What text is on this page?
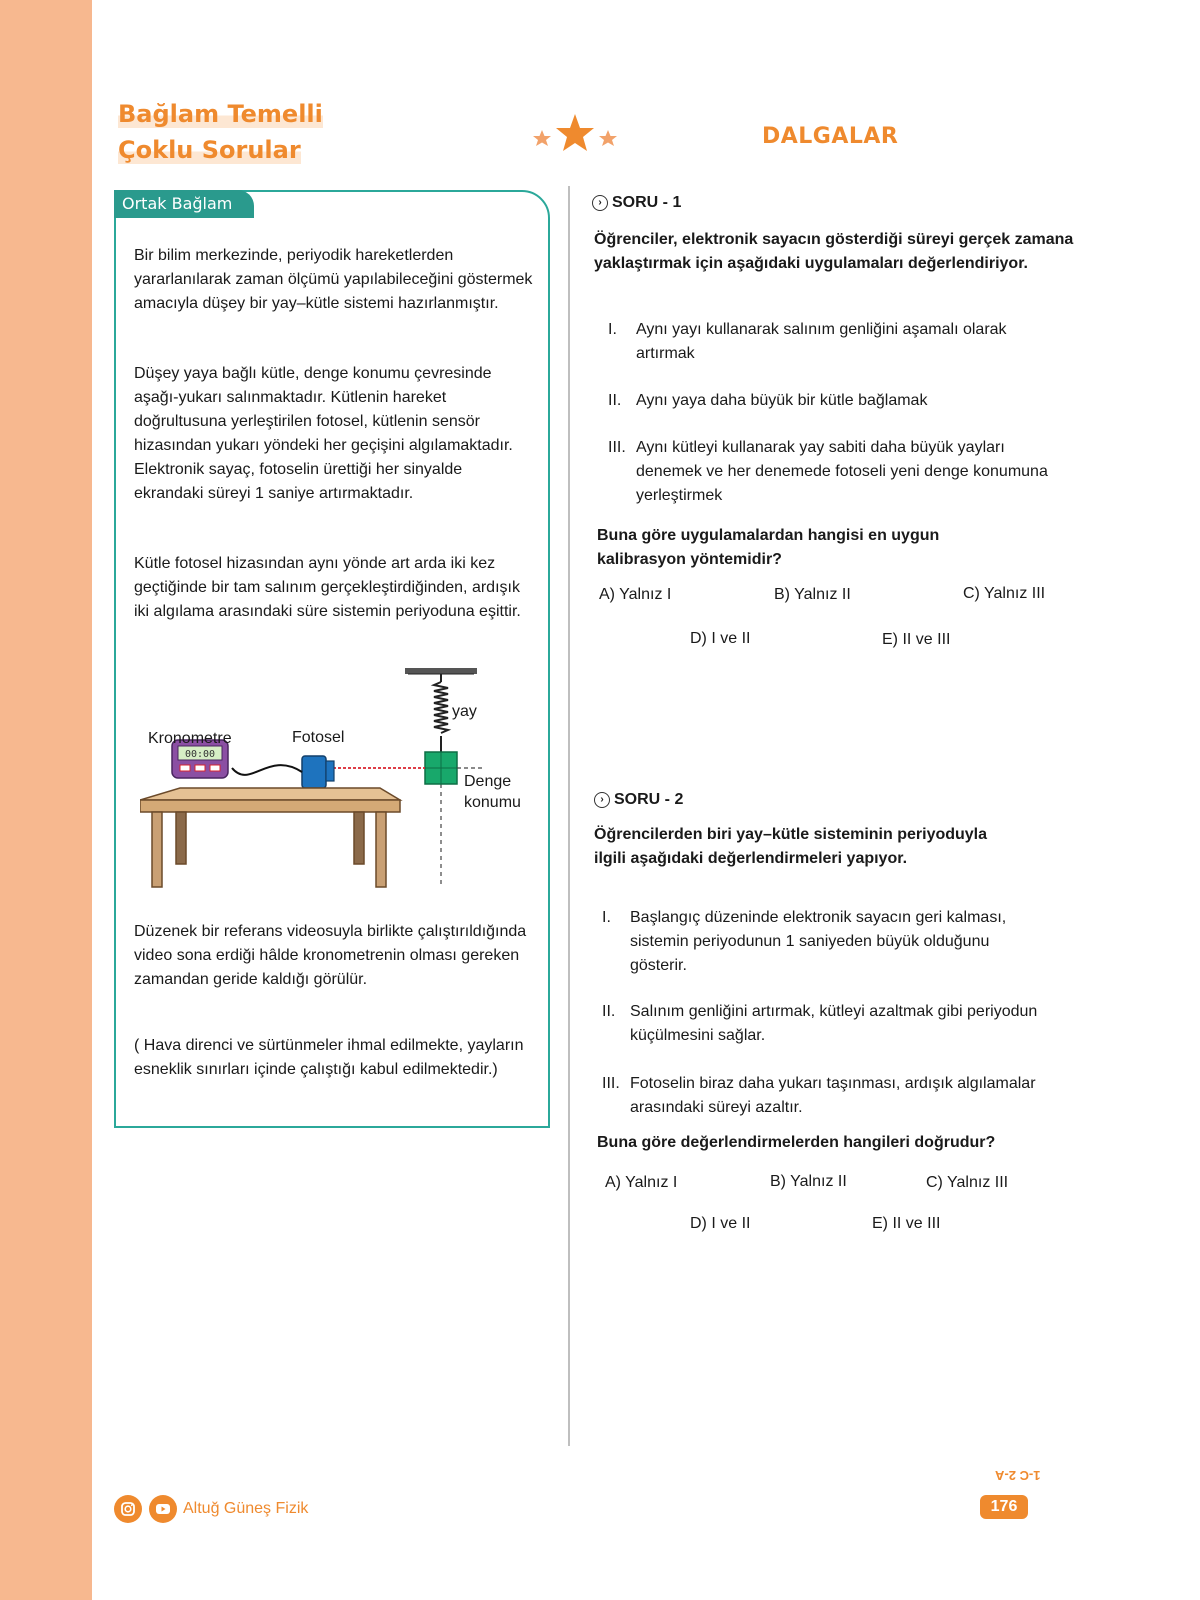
Bağlam Temelli
Çoklu Sorular	DALGALAR
Ortak Bağlam

Bir bilim merkezinde, periyodik hareketlerden yararlanılarak zaman ölçümü yapılabileceğini göstermek amacıyla düşey bir yay–kütle sistemi hazırlanmıştır.

Düşey yaya bağlı kütle, denge konumu çevresinde aşağı-yukarı salınmaktadır. Kütlenin hareket doğrultusuna yerleştirilen fotosel, kütlenin sensör hizasından yukarı yöndeki her geçişini algılamaktadır. Elektronik sayaç, fotoselin ürettiği her sinyalde ekrandaki süreyi 1 saniye artırmaktadır.

Kütle fotosel hizasından aynı yönde art arda iki kez geçtiğinde bir tam salınım gerçekleştirdiğinden, ardışık iki algılama arasındaki süre sistemin periyoduna eşittir.

00:00
Kronometre	Fotosel
yay
Denge
konumu

Düzenek bir referans videosuyla birlikte çalıştırıldığında video sona erdiği hâlde kronometrenin olması gereken zamandan geride kaldığı görülür.

( Hava direnci ve sürtünmeler ihmal edilmekte, yayların esneklik sınırları içinde çalıştığı kabul edilmektedir.)

› SORU - 1

Öğrenciler, elektronik sayacın gösterdiği süreyi gerçek zamana yaklaştırmak için aşağıdaki uygulamaları değerlendiriyor.

I. Aynı yayı kullanarak salınım genliğini aşamalı olarak artırmak
II. Aynı yaya daha büyük bir kütle bağlamak
III. Aynı kütleyi kullanarak yay sabiti daha büyük yayları denemek ve her denemede fotoseli yeni denge konumuna yerleştirmek

Buna göre uygulamalardan hangisi en uygun kalibrasyon yöntemidir?

A) Yalnız I	B) Yalnız II	C) Yalnız III
D) I ve II	E) II ve III
› SORU - 2

Öğrencilerden biri yay–kütle sisteminin periyoduyla ilgili aşağıdaki değerlendirmeleri yapıyor.

I. Başlangıç düzeninde elektronik sayacın geri kalması, sistemin periyodunun 1 saniyeden büyük olduğunu gösterir.
II. Salınım genliğini artırmak, kütleyi azaltmak gibi periyodun küçülmesini sağlar.
III. Fotoselin biraz daha yukarı taşınması, ardışık algılamalar arasındaki süreyi azaltır.

Buna göre değerlendirmelerden hangileri doğrudur?

A) Yalnız I	B) Yalnız II	C) Yalnız III
D) I ve II	E) II ve III
Altuğ Güneş Fizik
1-C 2-A
176
